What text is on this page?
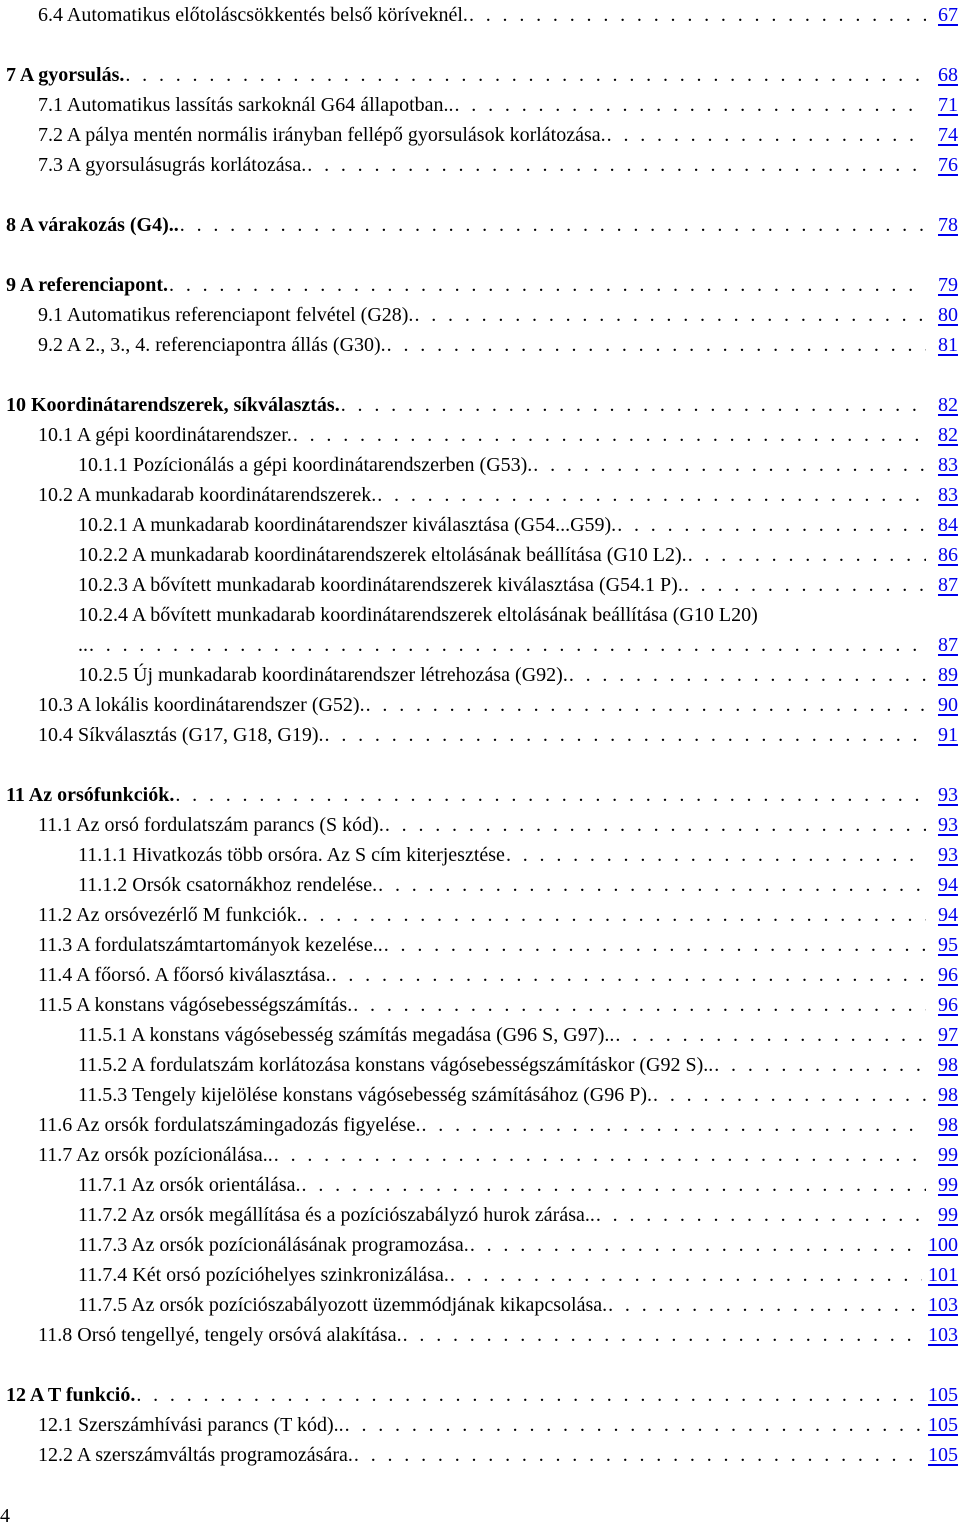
6.4 Automatikus előtoláscsökkentés belső köríveknél. . . .	67
7 A gyorsulás. . . .	68
7.1 Automatikus lassítás sarkoknál G64 állapotban.. . . .	71
7.2 A pálya mentén normális irányban fellépő gyorsulások korlátozása. . . .	74
7.3 A gyorsulásugrás korlátozása. . . .	76
8 A várakozás (G4).. . . .	78
9 A referenciapont. . . .	79
9.1 Automatikus referenciapont felvétel (G28). . . .	80
9.2 A 2., 3., 4. referenciapontra állás (G30). . . .	81
10 Koordinátarendszerek, síkválasztás. . . .	82
10.1 A gépi koordinátarendszer. . . .	82
10.1.1 Pozícionálás a gépi koordinátarendszerben (G53). . . .	83
10.2 A munkadarab koordinátarendszerek. . . .	83
10.2.1 A munkadarab koordinátarendszer kiválasztása (G54...G59). . . .	84
10.2.2 A munkadarab koordinátarendszerek eltolásának beállítása (G10 L2). . . .	86
10.2.3 A bővített munkadarab koordinátarendszerek kiválasztása (G54.1 P). . . .	87
10.2.4 A bővített munkadarab koordinátarendszerek eltolásának beállítása (G10 L20)
.. . . .	87
10.2.5 Új munkadarab koordinátarendszer létrehozása (G92). . . .	89
10.3 A lokális koordinátarendszer (G52). . . .	90
10.4 Síkválasztás (G17, G18, G19). . . .	91
11 Az orsófunkciók. . . .	93
11.1 Az orsó fordulatszám parancs (S kód). . . .	93
11.1.1 Hivatkozás több orsóra. Az S cím kiterjesztése . . .	93
11.1.2 Orsók csatornákhoz rendelése. . . .	94
11.2 Az orsóvezérlő M funkciók. . . .	94
11.3 A fordulatszámtartományok kezelése.. . . .	95
11.4 A főorsó. A főorsó kiválasztása. . . .	96
11.5 A konstans vágósebességszámítás. . . .	96
11.5.1 A konstans vágósebesség számítás megadása (G96 S, G97).. . . .	97
11.5.2 A fordulatszám korlátozása konstans vágósebességszámításkor (G92 S).. . . .	98
11.5.3 Tengely kijelölése konstans vágósebesség számításához (G96 P). . . .	98
11.6 Az orsók fordulatszámingadozás figyelése. . . .	98
11.7 Az orsók pozícionálása.. . . .	99
11.7.1 Az orsók orientálása. . . .	99
11.7.2 Az orsók megállítása és a pozíciószabályzó hurok zárása.. . . .	99
11.7.3 Az orsók pozícionálásának programozása. . . .	100
11.7.4 Két orsó pozícióhelyes szinkronizálása. . . .	101
11.7.5 Az orsók pozíciószabályozott üzemmódjának kikapcsolása. . . .	103
11.8 Orsó tengellyé, tengely orsóvá alakítása. . . .	103
12 A T funkció. . . .	105
12.1 Szerszámhívási parancs (T kód).. . . .	105
12.2 A szerszámváltás programozására. . . .	105
4
